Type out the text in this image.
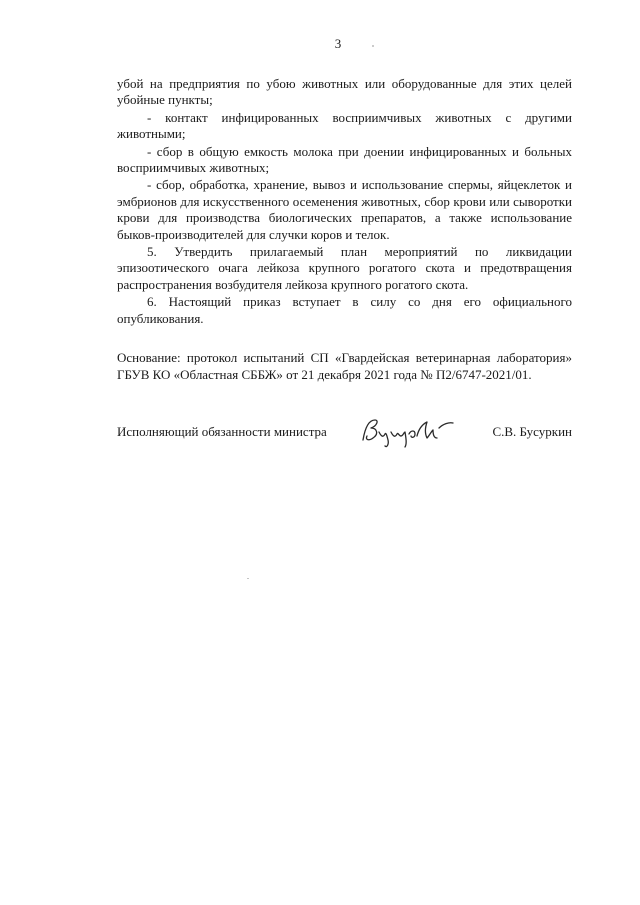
3

убой на предприятия по убою животных или оборудованные для этих целей убойные пункты;

- контакт инфицированных восприимчивых животных с другими животными;

- сбор в общую емкость молока при доении инфицированных и больных восприимчивых животных;

- сбор, обработка, хранение, вывоз и использование спермы, яйцеклеток и эмбрионов для искусственного осеменения животных, сбор крови или сыворотки крови для производства биологических препаратов, а также использование быков-производителей для случки коров и телок.

5. Утвердить прилагаемый план мероприятий по ликвидации эпизоотического очага лейкоза крупного рогатого скота и предотвращения распространения возбудителя лейкоза крупного рогатого скота.

6. Настоящий приказ вступает в силу со дня его официального опубликования.

Основание: протокол испытаний СП «Гвардейская ветеринарная лаборатория» ГБУВ КО «Областная СББЖ» от 21 декабря 2021 года № П2/6747-2021/01.

Исполняющий обязанности министра	С.В. Бусуркин
